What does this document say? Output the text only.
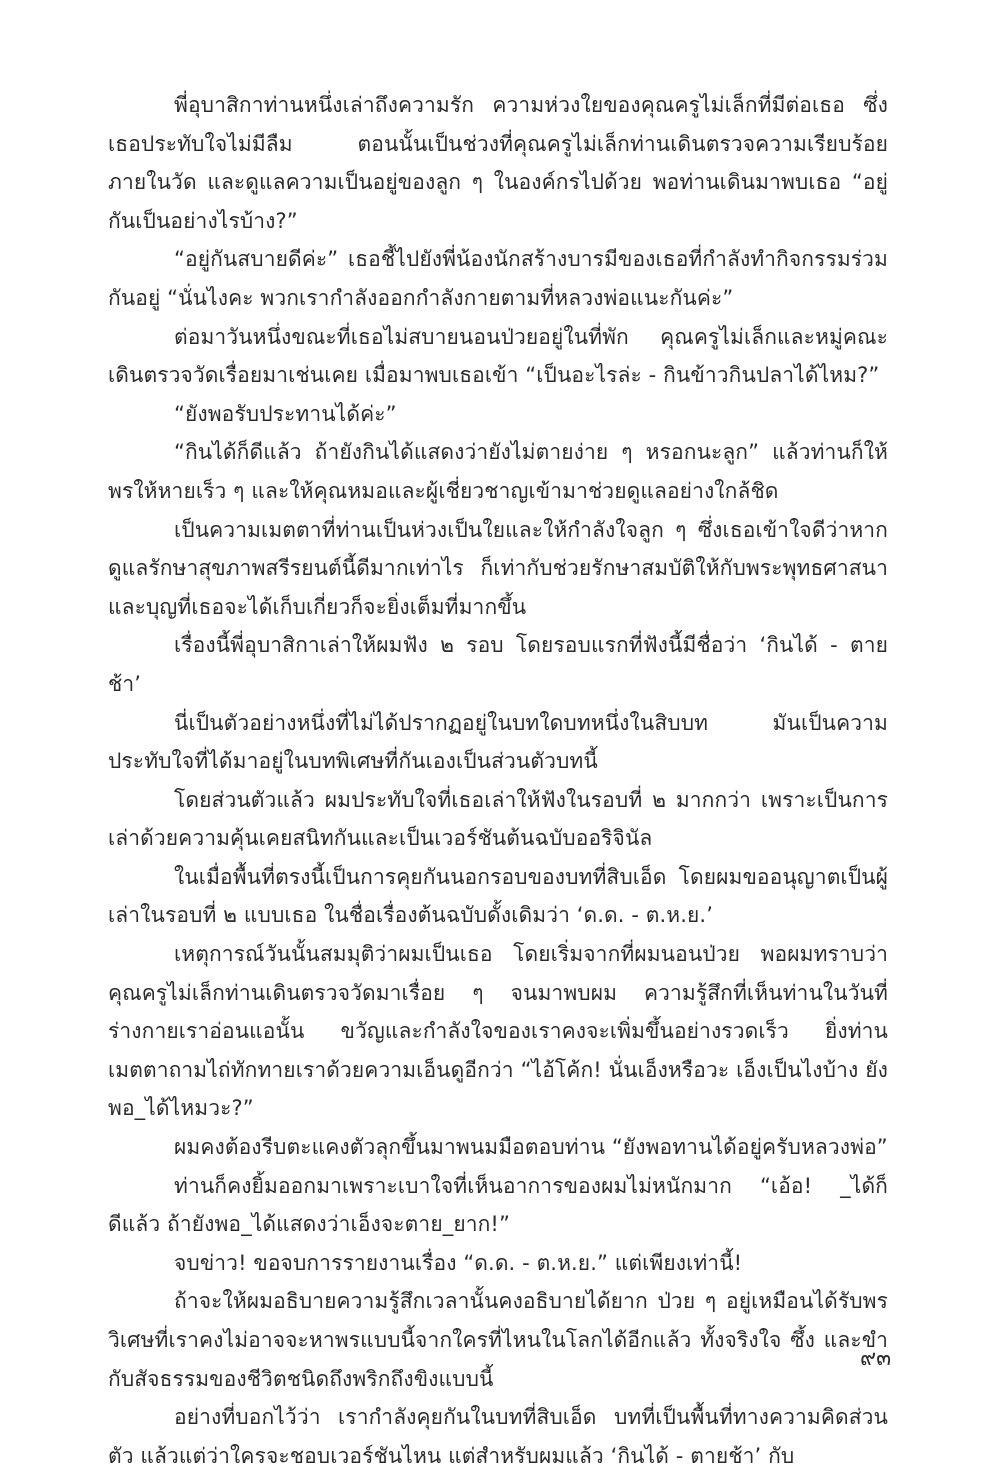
พี่อุบาสิกาท่านหนึ่งเล่าถึงความรัก ความห่วงใยของคุณครูไม่เล็กที่มีต่อเธอ ซึ่งเธอประทับใจไม่มีลืม ตอนนั้นเป็นช่วงที่คุณครูไม่เล็กท่านเดินตรวจความเรียบร้อยภายในวัด และดูแลความเป็นอยู่ของลูก ๆ ในองค์กรไปด้วย พอท่านเดินมาพบเธอ “อยู่กันเป็นอย่างไรบ้าง?”

“อยู่กันสบายดีค่ะ” เธอชี้ไปยังพี่น้องนักสร้างบารมีของเธอที่กำลังทำกิจกรรมร่วมกันอยู่ “นั่นไงคะ พวกเรากำลังออกกำลังกายตามที่หลวงพ่อแนะกันค่ะ”

ต่อมาวันหนึ่งขณะที่เธอไม่สบายนอนป่วยอยู่ในที่พัก คุณครูไม่เล็กและหมู่คณะเดินตรวจวัดเรื่อยมาเช่นเคย เมื่อมาพบเธอเข้า “เป็นอะไรล่ะ - กินข้าวกินปลาได้ไหม?”

“ยังพอรับประทานได้ค่ะ”

“กินได้ก็ดีแล้ว ถ้ายังกินได้แสดงว่ายังไม่ตายง่าย ๆ หรอกนะลูก” แล้วท่านก็ให้พรให้หายเร็ว ๆ และให้คุณหมอและผู้เชี่ยวชาญเข้ามาช่วยดูแลอย่างใกล้ชิด

เป็นความเมตตาที่ท่านเป็นห่วงเป็นใยและให้กำลังใจลูก ๆ ซึ่งเธอเข้าใจดีว่าหากดูแลรักษาสุขภาพสรีรยนต์นี้ดีมากเท่าไร ก็เท่ากับช่วยรักษาสมบัติให้กับพระพุทธศาสนา และบุญที่เธอจะได้เก็บเกี่ยวก็จะยิ่งเต็มที่มากขึ้น

เรื่องนี้พี่อุบาสิกาเล่าให้ผมฟัง ๒ รอบ โดยรอบแรกที่ฟังนี้มีชื่อว่า ‘กินได้ - ตายช้า’

นี่เป็นตัวอย่างหนึ่งที่ไม่ได้ปรากฏอยู่ในบทใดบทหนึ่งในสิบบท มันเป็นความประทับใจที่ได้มาอยู่ในบทพิเศษที่กันเองเป็นส่วนตัวบทนี้

โดยส่วนตัวแล้ว ผมประทับใจที่เธอเล่าให้ฟังในรอบที่ ๒ มากกว่า เพราะเป็นการเล่าด้วยความคุ้นเคยสนิทกันและเป็นเวอร์ชันต้นฉบับออริจินัล

ในเมื่อพื้นที่ตรงนี้เป็นการคุยกันนอกรอบของบทที่สิบเอ็ด โดยผมขออนุญาตเป็นผู้เล่าในรอบที่ ๒ แบบเธอ ในชื่อเรื่องต้นฉบับดั้งเดิมว่า ‘ด.ด. - ต.ห.ย.’

เหตุการณ์วันนั้นสมมุติว่าผมเป็นเธอ โดยเริ่มจากที่ผมนอนป่วย พอผมทราบว่าคุณครูไม่เล็กท่านเดินตรวจวัดมาเรื่อย ๆ จนมาพบผม ความรู้สึกที่เห็นท่านในวันที่ร่างกายเราอ่อนแอนั้น ขวัญและกำลังใจของเราคงจะเพิ่มขึ้นอย่างรวดเร็ว ยิ่งท่านเมตตาถามไถ่ทักทายเราด้วยความเอ็นดูอีกว่า “ไอ้โค้ก! นั่นเอ็งหรือวะ เอ็งเป็นไงบ้าง ยังพอ_ได้ไหมวะ?”

ผมคงต้องรีบตะแคงตัวลุกขึ้นมาพนมมือตอบท่าน “ยังพอทานได้อยู่ครับหลวงพ่อ”

ท่านก็คงยิ้มออกมาเพราะเบาใจที่เห็นอาการของผมไม่หนักมาก “เอ้อ! _ได้ก็ดีแล้ว ถ้ายังพอ_ได้แสดงว่าเอ็งจะตาย_ยาก!”

จบข่าว! ขอจบการรายงานเรื่อง “ด.ด. - ต.ห.ย.” แต่เพียงเท่านี้!

ถ้าจะให้ผมอธิบายความรู้สึกเวลานั้นคงอธิบายได้ยาก ป่วย ๆ อยู่เหมือนได้รับพรวิเศษที่เราคงไม่อาจจะหาพรแบบนี้จากใครที่ไหนในโลกได้อีกแล้ว ทั้งจริงใจ ซึ้ง และขำกับสัจธรรมของชีวิตชนิดถึงพริกถึงขิงแบบนี้

อย่างที่บอกไว้ว่า เรากำลังคุยกันในบทที่สิบเอ็ด บทที่เป็นพื้นที่ทางความคิดส่วนตัว แล้วแต่ว่าใครจะชอบเวอร์ชันไหน แต่สำหรับผมแล้ว ‘กินได้ - ตายช้า’ กับ

๙๓
